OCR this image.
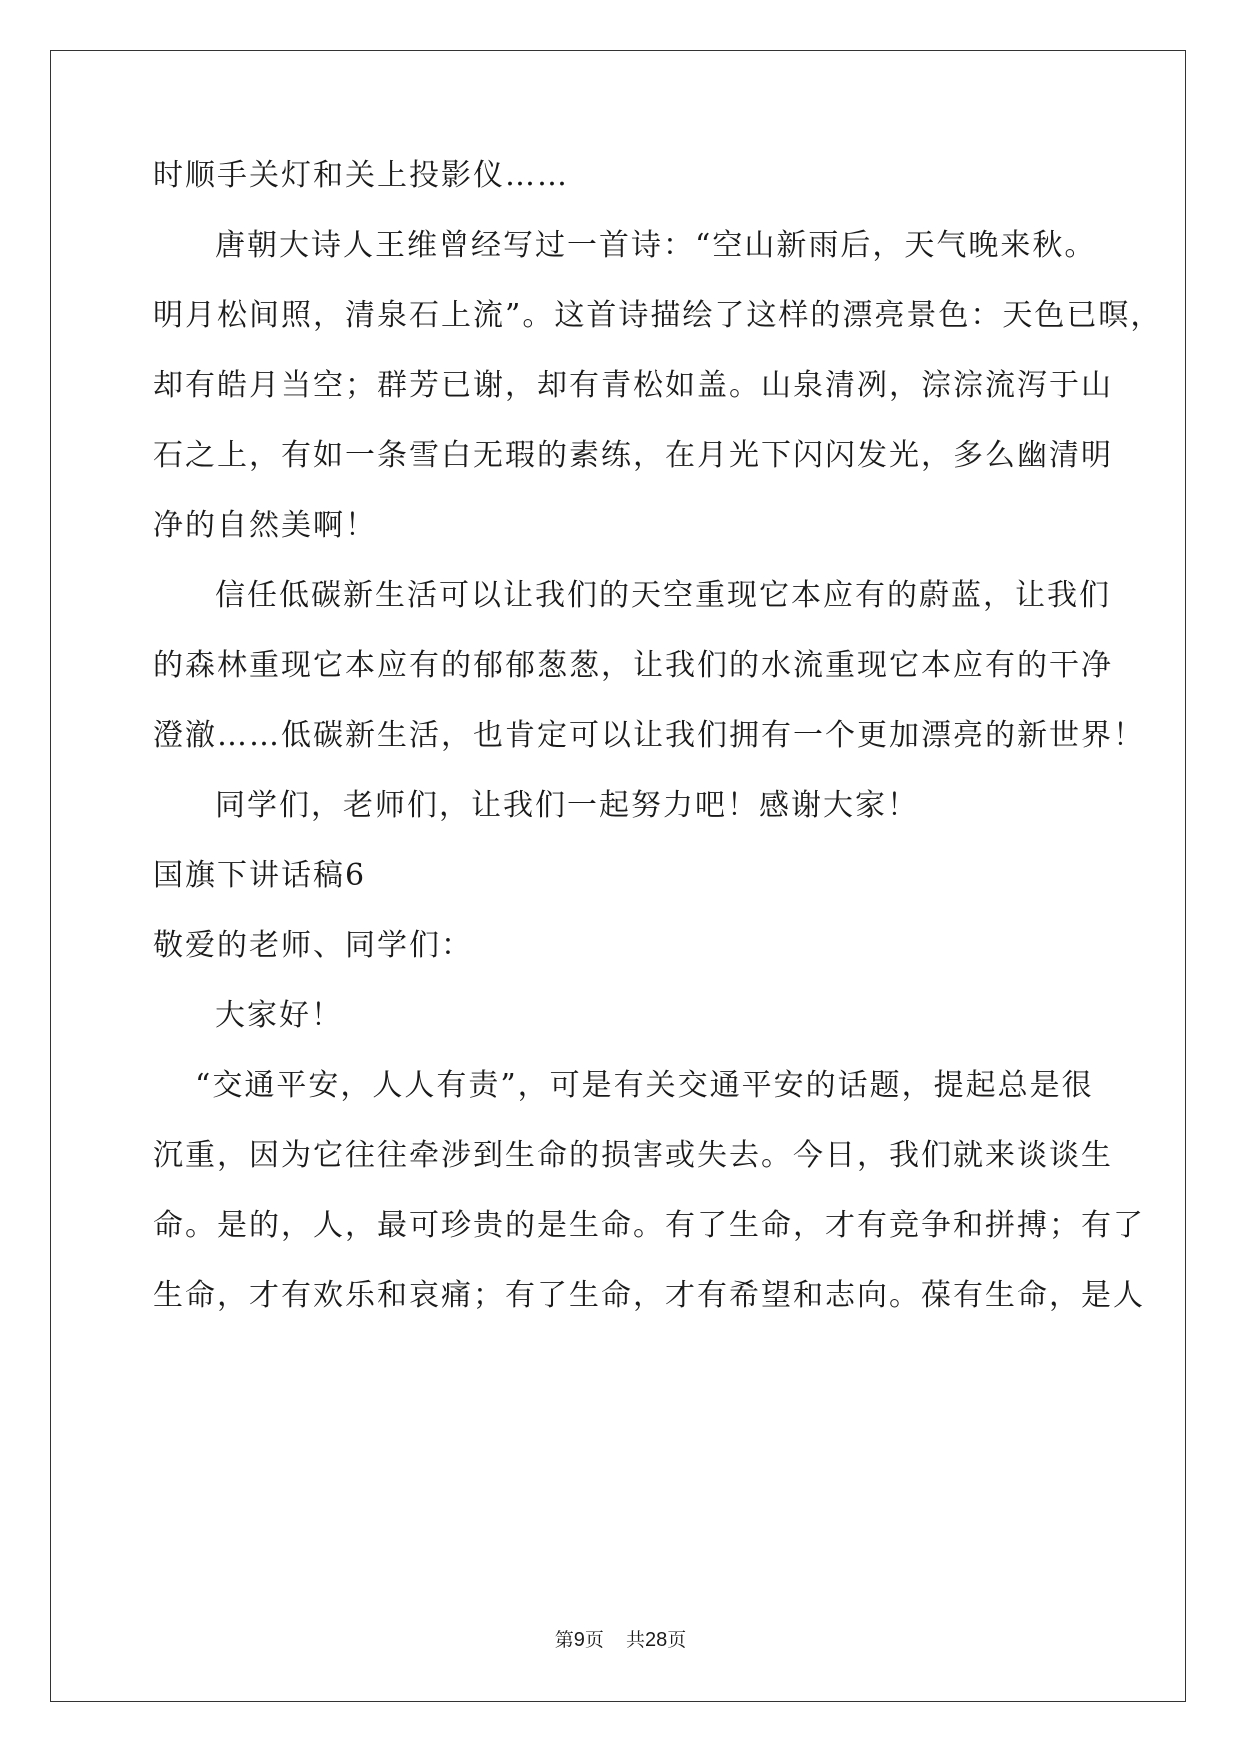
时顺手关灯和关上投影仪……
唐朝大诗人王维曾经写过一首诗：“空山新雨后，天气晚来秋。
明月松间照，清泉石上流”。这首诗描绘了这样的漂亮景色：天色已暝，
却有皓月当空；群芳已谢，却有青松如盖。山泉清冽，淙淙流泻于山
石之上，有如一条雪白无瑕的素练，在月光下闪闪发光，多么幽清明
净的自然美啊！
信任低碳新生活可以让我们的天空重现它本应有的蔚蓝，让我们
的森林重现它本应有的郁郁葱葱，让我们的水流重现它本应有的干净
澄澈……低碳新生活，也肯定可以让我们拥有一个更加漂亮的新世界！
同学们，老师们，让我们一起努力吧！感谢大家！
国旗下讲话稿6
敬爱的老师、同学们：
大家好！
“交通平安，人人有责”，可是有关交通平安的话题，提起总是很
沉重，因为它往往牵涉到生命的损害或失去。今日，我们就来谈谈生
命。是的，人，最可珍贵的是生命。有了生命，才有竞争和拼搏；有了
生命，才有欢乐和哀痛；有了生命，才有希望和志向。葆有生命，是人
第9页 共28页
